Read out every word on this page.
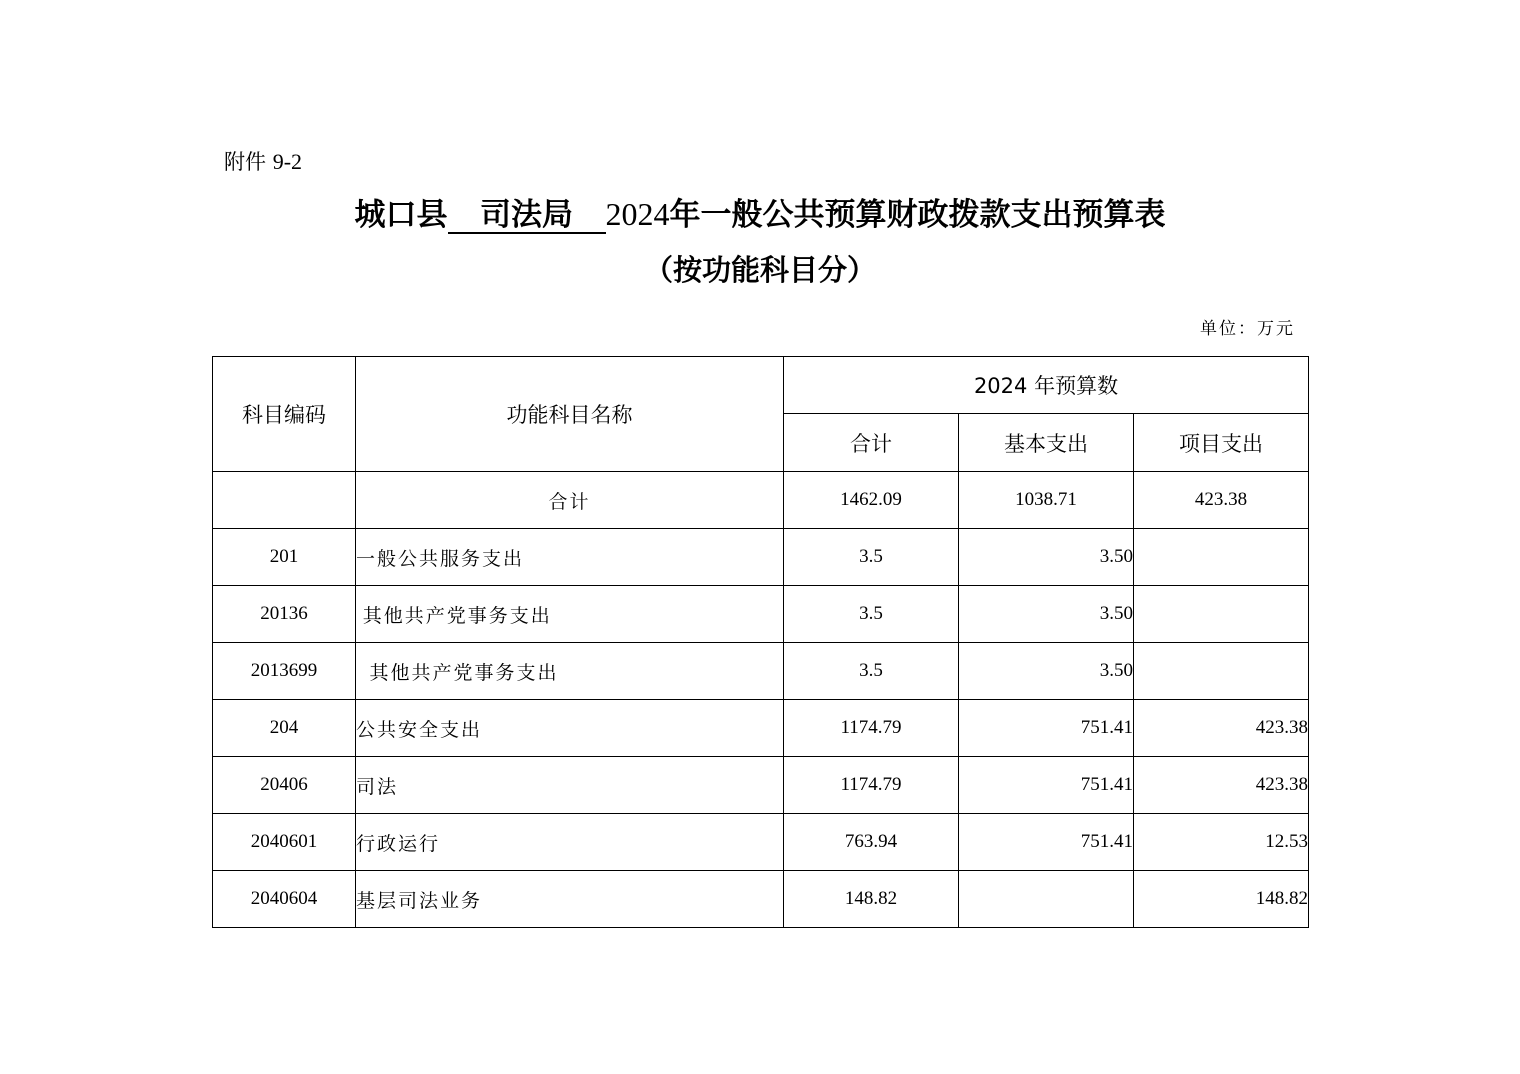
附件 9-2
城口县 司法局 2024年一般公共预算财政拨款支出预算表
（按功能科目分）
单位：万元
科目编码	功能科目名称	2024 年预算数		
		合计	基本支出	项目支出
	合计	1462.09	1038.71	423.38
201	一般公共服务支出	3.5	3.50	
20136	其他共产党事务支出	3.5	3.50	
2013699	其他共产党事务支出	3.5	3.50	
204	公共安全支出	1174.79	751.41	423.38
20406	司法	1174.79	751.41	423.38
2040601	行政运行	763.94	751.41	12.53
2040604	基层司法业务	148.82		148.82
